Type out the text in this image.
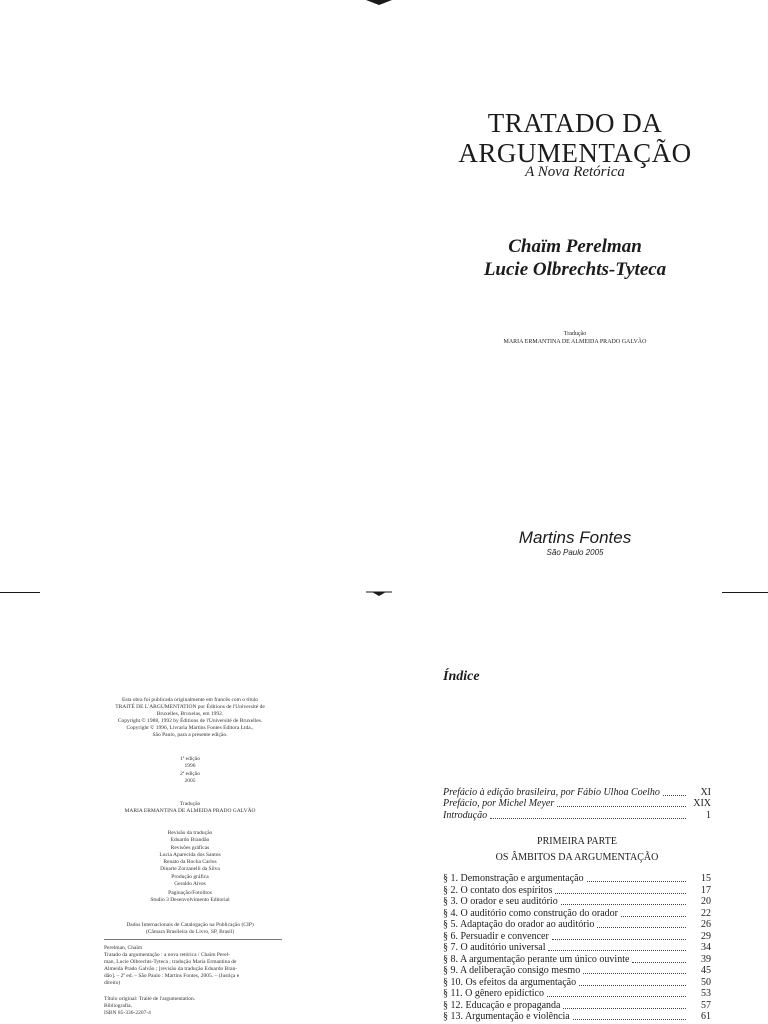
TRATADO DA
ARGUMENTAÇÃO
A Nova Retórica
Chaïm Perelman
Lucie Olbrechts-Tyteca
Tradução
MARIA ERMANTINA DE ALMEIDA PRADO GALVÃO
Martins Fontes
São Paulo 2005
Esta obra foi publicada originalmente em francês com o título
TRAITÉ DE L'ARGUMENTATION por Éditions de l'Université de
Bruxelles, Bruxelas, em 1992.
Copyright © 1988, 1992 by Éditions de l'Université de Bruxelles.
Copyright © 1996, Livraria Martins Fontes Editora Ltda.,
São Paulo, para a presente edição.
1ª edição
1996
2ª edição
2005
Tradução
MARIA ERMANTINA DE ALMEIDA PRADO GALVÃO
Revisão da tradução
Eduardo Brandão
Revisões gráficas
Lucia Aparecida dos Santos
Renato da Rocha Carlos
Dinarte Zorzanelli da Silva
Produção gráfica
Geraldo Alves
Paginação/Fotolitos
Studio 3 Desenvolvimento Editorial
Dados Internacionais de Catalogação na Publicação (CIP)
(Câmara Brasileira do Livro, SP, Brasil)
Perelman, Chaïm
Tratado da argumentação : a nova retórica / Chaïm Perel-
man, Lucie Olbrechts-Tyteca ; tradução Maria Ermantina de
Almeida Prado Galvão ; [revisão da tradução Eduardo Bran-
dão]. – 2ª ed. – São Paulo : Martins Fontes, 2005. – (Justiça e
direito)
Título original: Traité de l'argumentation.
Bibliografia.
ISBN 85-336-2207-4
Índice
Prefácio à edição brasileira, por Fábio Ulhoa Coelho	XI
Prefácio, por Michel Meyer	XIX
Introdução	1
PRIMEIRA PARTE
OS ÂMBITOS DA ARGUMENTAÇÃO
§ 1. Demonstração e argumentação	15
§ 2. O contato dos espíritos	17
§ 3. O orador e seu auditório	20
§ 4. O auditório como construção do orador	22
§ 5. Adaptação do orador ao auditório	26
§ 6. Persuadir e convencer	29
§ 7. O auditório universal	34
§ 8. A argumentação perante um único ouvinte	39
§ 9. A deliberação consigo mesmo	45
§ 10. Os efeitos da argumentação	50
§ 11. O gênero epidíctico	53
§ 12. Educação e propaganda	57
§ 13. Argumentação e violência	61
